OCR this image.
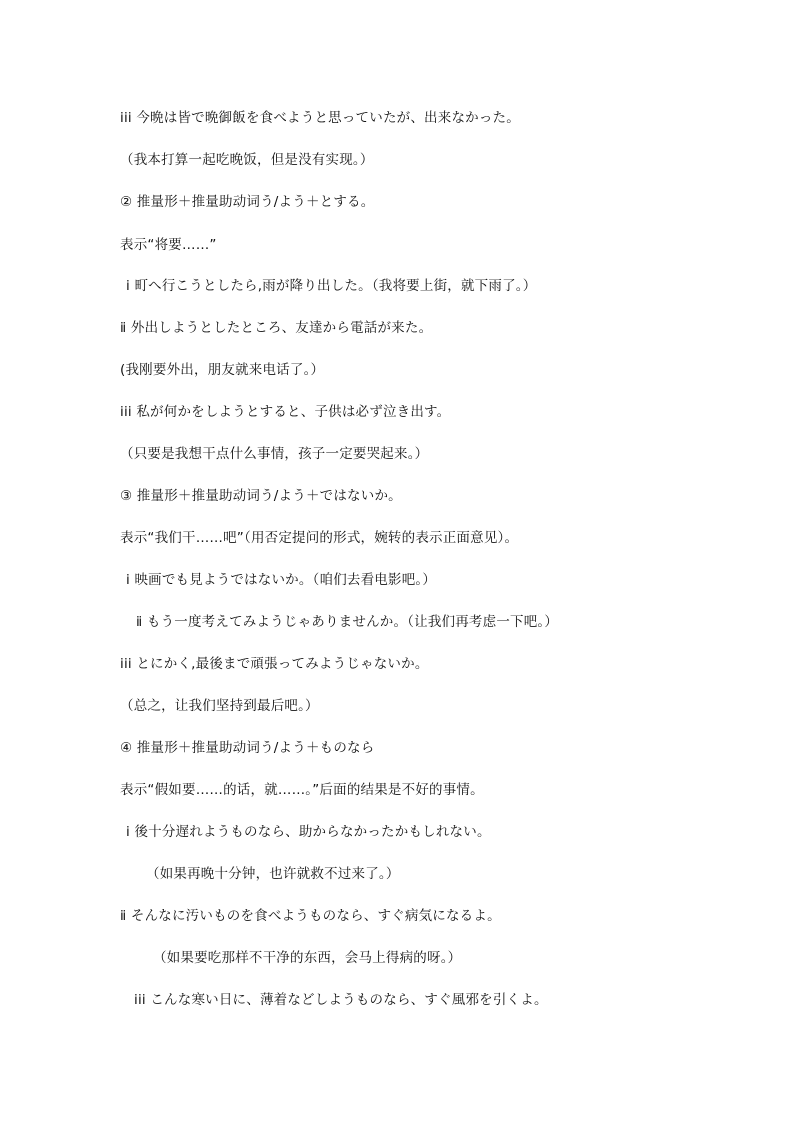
iii 今晩は皆で晩御飯を食べようと思っていたが、出来なかった。
（我本打算一起吃晚饭，但是没有实现。）
② 推量形＋推量助动词う/よう＋とする。
表示“将要……”
ⅰ 町へ行こうとしたら,雨が降り出した。（我将要上街，就下雨了。）
ⅱ 外出しようとしたところ、友達から電話が来た。
(我刚要外出，朋友就来电话了。）
iii 私が何かをしようとすると、子供は必ず泣き出す。
（只要是我想干点什么事情，孩子一定要哭起来。）
③ 推量形＋推量助动词う/よう＋ではないか。
表示“我们干……吧”（用否定提问的形式，婉转的表示正面意见）。
ⅰ 映画でも見ようではないか。（咱们去看电影吧。）
ⅱ もう一度考えてみようじゃありませんか。（让我们再考虑一下吧。）
iii とにかく,最後まで頑張ってみようじゃないか。
（总之，让我们坚持到最后吧。）
④ 推量形＋推量助动词う/よう＋ものなら
表示“假如要……的话，就……。”后面的结果是不好的事情。
ⅰ 後十分遅れようものなら、助からなかったかもしれない。
（如果再晚十分钟，也许就救不过来了。）
ⅱ そんなに汚いものを食べようものなら、すぐ病気になるよ。
（如果要吃那样不干净的东西，会马上得病的呀。）
iii こんな寒い日に、薄着などしようものなら、すぐ風邪を引くよ。
